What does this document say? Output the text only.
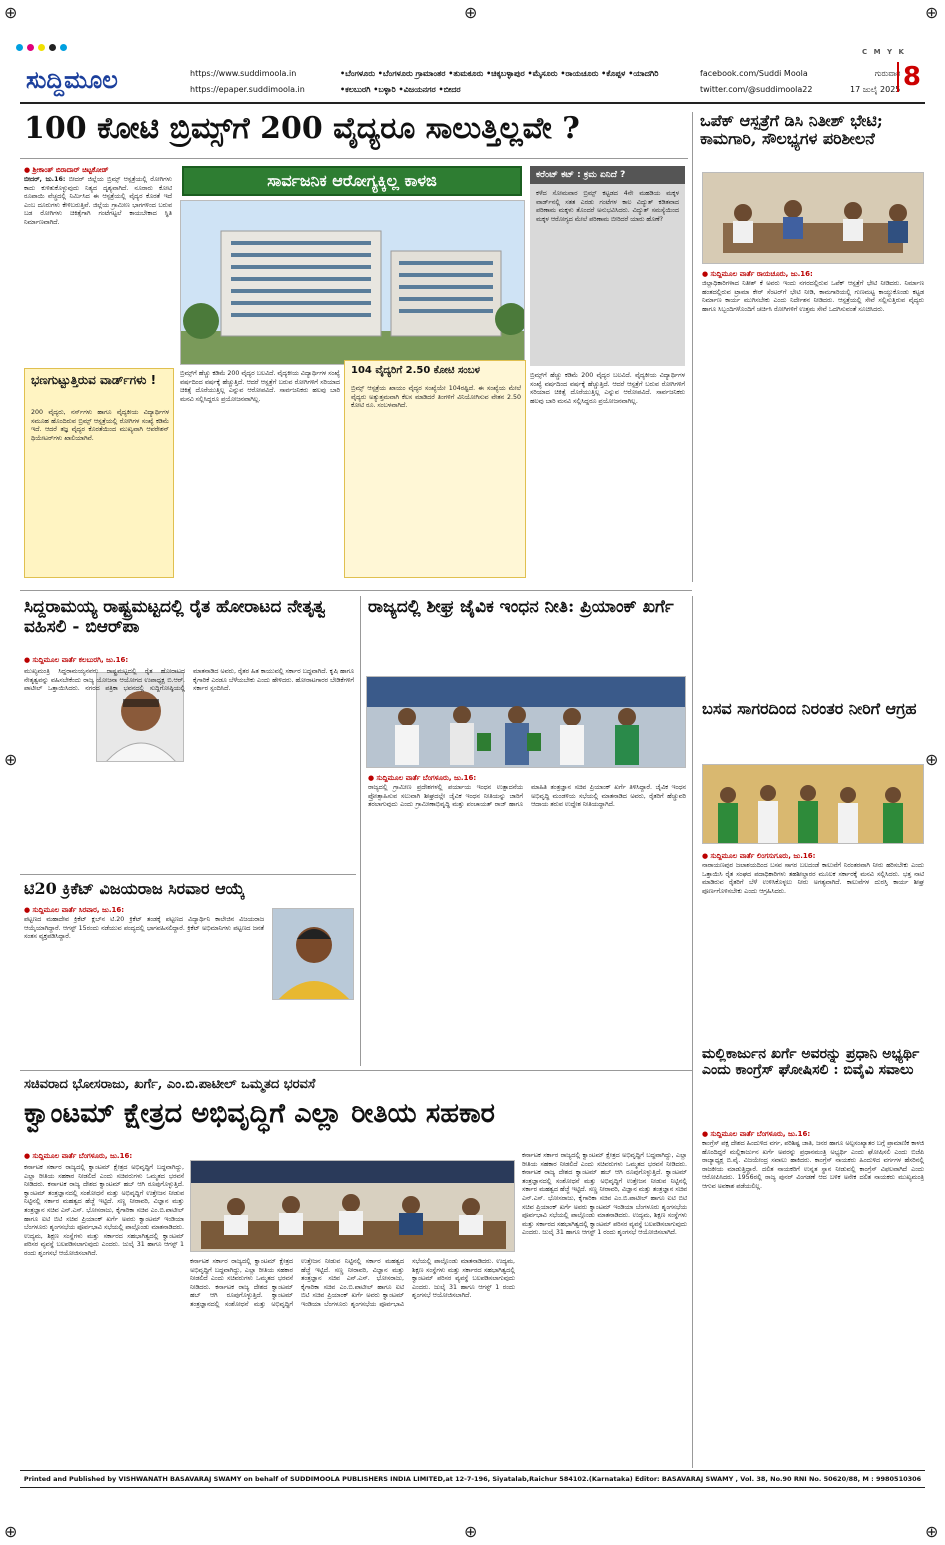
⊕	⊕
⊕	⊕
⊕	⊕
⊕
⊕
C M Y K
ಸುದ್ದಿಮೂಲ	https://www.suddimoola.in
https://epaper.suddimoola.in
•ಬೆಂಗಳೂರು •ಬೆಂಗಳೂರು ಗ್ರಾಮಾಂತರ •ತುಮಕೂರು •ಚಿಕ್ಕಬಳ್ಳಾಪುರ •ಮೈಸೂರು •ರಾಯಚೂರು •ಕೊಪ್ಪಳ •ಯಾದಗಿರಿ •ಕಲಬುರಗಿ •ಬಳ್ಳಾರಿ •ವಿಜಯನಗರ •ಬೀದರ
facebook.com/Suddi Moola
twitter.com/@suddimoola22
ಗುರುವಾರ
17 ಜುಲೈ 2025 8
100 ಕೋಟಿ ಬ್ರಿಮ್ಸ್‌ಗೆ 200 ವೈದ್ಯರೂ ಸಾಲುತ್ತಿಲ್ಲವೇ ?
● ಶ್ರೀಕಾಂತ್ ಬಿರಾದಾರ್ ಚಿಟ್ಟಕೋಡ್
ಬೀದರ್, ಜು.16: ಬೀದರ್ ಜಿಲ್ಲೆಯ ಬ್ರಿಮ್ಸ್ ಆಸ್ಪತ್ರೆಯಲ್ಲಿ ರೋಗಿಗಳು ಕಾದು ಕುಳಿತುಕೊಳ್ಳುವುದು ನಿತ್ಯದ ದೃಶ್ಯವಾಗಿದೆ. ನೂರಾರು ಕೋಟಿ ರೂಪಾಯಿ ವೆಚ್ಚದಲ್ಲಿ ನಿರ್ಮಿಸಿದ ಈ ಆಸ್ಪತ್ರೆಯಲ್ಲಿ ವೈದ್ಯರ ಕೊರತೆ ಇದೆ ಎಂಬ ದೂರುಗಳು ಕೇಳಿಬರುತ್ತಿವೆ. ಜಿಲ್ಲೆಯ ಗ್ರಾಮೀಣ ಭಾಗಗಳಿಂದ ಬರುವ ಬಡ ರೋಗಿಗಳು ಚಿಕಿತ್ಸೆಗಾಗಿ ಗಂಟೆಗಟ್ಟಲೆ ಕಾಯಬೇಕಾದ ಸ್ಥಿತಿ ನಿರ್ಮಾಣವಾಗಿದೆ.
ಸಾರ್ವಜನಿಕ ಆರೋಗ್ಯಕ್ಕಿಲ್ಲ ಕಾಳಜಿ
ಭಣಗುಟ್ಟುತ್ತಿರುವ ವಾರ್ಡ್‌ಗಳು !
200 ವೈದ್ಯರು, ನರ್ಸ್‌ಗಳು ಹಾಗೂ ವೈದ್ಯಕೀಯ ವಿದ್ಯಾರ್ಥಿಗಳ ಸಮೂಹ ಹೊಂದಿರುವ ಬ್ರಿಮ್ಸ್ ಆಸ್ಪತ್ರೆಯಲ್ಲಿ ರೋಗಿಗಳ ಸಂಖ್ಯೆ ಕಡಿಮೆ ಇದೆ. ಆದರೆ ತಜ್ಞ ವೈದ್ಯರ ಕೊರತೆಯಿಂದ ಮುಖ್ಯವಾಗಿ ಆಪರೇಶನ್ ಥಿಯೇಟರ್‌ಗಳು ಖಾಲಿಯಾಗಿವೆ.
ಬ್ರಿಮ್ಸ್‌ಗೆ ಹೆಚ್ಚು ಕಡಿಮೆ 200 ವೈದ್ಯರ ಬಲವಿದೆ. ವೈದ್ಯಕೀಯ ವಿದ್ಯಾರ್ಥಿಗಳ ಸಂಖ್ಯೆ ವರ್ಷದಿಂದ ವರ್ಷಕ್ಕೆ ಹೆಚ್ಚುತ್ತಿದೆ. ಆದರೆ ಆಸ್ಪತ್ರೆಗೆ ಬರುವ ರೋಗಿಗಳಿಗೆ ಸರಿಯಾದ ಚಿಕಿತ್ಸೆ ದೊರೆಯುತ್ತಿಲ್ಲ ಎನ್ನುವ ಆರೋಪವಿದೆ. ಸಾರ್ವಜನಿಕರು ಹಲವು ಬಾರಿ ಮನವಿ ಸಲ್ಲಿಸಿದ್ದರೂ ಪ್ರಯೋಜನವಾಗಿಲ್ಲ.
104 ವೈದ್ಯರಿಗೆ 2.50 ಕೋಟಿ ಸಂಬಳ
ಬ್ರಿಮ್ಸ್ ಆಸ್ಪತ್ರೆಯ ಖಾಯಂ ವೈದ್ಯರ ಸಂಖ್ಯೆಯೇ 104ರಷ್ಟಿದೆ. ಈ ಸಂಖ್ಯೆಯ ಮೇಲೆ ವೈದ್ಯರು ಅತ್ಯುತ್ತಮವಾಗಿ ಕೆಲಸ ಮಾಡಿದರೆ ತಿಂಗಳಿಗೆ ವಿನಿಯೋಗಿಸುವ ವೇತನ 2.50 ಕೋಟಿ ರೂ. ಸಂಬಳವಾಗಿದೆ.
ಕರೆಂಟ್ ಕಟ್ : ಕ್ರಮ ಏನಿದೆ ?
ಕಳೆದ ಸೋಮವಾರ ಬ್ರಿಮ್ಸ್ ಕಟ್ಟಡದ 4ನೇ ಮಹಡಿಯ ಮಕ್ಕಳ ವಾರ್ಡ್‌ನಲ್ಲಿ ಸತತ ಎರಡು ಗಂಟೆಗಳ ಕಾಲ ವಿದ್ಯುತ್ ಕಡಿತವಾದ ಪರಿಣಾಮ ಮಕ್ಕಳು ತೊಂದರೆ ಅನುಭವಿಸಿದರು. ವಿದ್ಯುತ್ ಸಮಸ್ಯೆಯಿಂದ ಮಕ್ಕಳ ಆರೋಗ್ಯದ ಮೇಲೆ ಪರಿಣಾಮ ಬೀರಿದರೆ ಯಾರು ಹೊಣೆ?
ಬ್ರಿಮ್ಸ್‌ಗೆ ಹೆಚ್ಚು ಕಡಿಮೆ 200 ವೈದ್ಯರ ಬಲವಿದೆ. ವೈದ್ಯಕೀಯ ವಿದ್ಯಾರ್ಥಿಗಳ ಸಂಖ್ಯೆ ವರ್ಷದಿಂದ ವರ್ಷಕ್ಕೆ ಹೆಚ್ಚುತ್ತಿದೆ. ಆದರೆ ಆಸ್ಪತ್ರೆಗೆ ಬರುವ ರೋಗಿಗಳಿಗೆ ಸರಿಯಾದ ಚಿಕಿತ್ಸೆ ದೊರೆಯುತ್ತಿಲ್ಲ ಎನ್ನುವ ಆರೋಪವಿದೆ. ಸಾರ್ವಜನಿಕರು ಹಲವು ಬಾರಿ ಮನವಿ ಸಲ್ಲಿಸಿದ್ದರೂ ಪ್ರಯೋಜನವಾಗಿಲ್ಲ.
ಒಪೆಕ್ ಆಸ್ಪತ್ರೆಗೆ ಡಿಸಿ ನಿತೀಶ್ ಭೇಟಿ; ಕಾಮಗಾರಿ, ಸೌಲಭ್ಯಗಳ ಪರಿಶೀಲನೆ
● ಸುದ್ದಿಮೂಲ ವಾರ್ತೆ ರಾಯಚೂರು, ಜು.16:
ಜಿಲ್ಲಾಧಿಕಾರಿಗಳಾದ ನಿತೀಶ್ ಕೆ ಅವರು ಇಂದು ನಗರದಲ್ಲಿರುವ ಒಪೆಕ್ ಆಸ್ಪತ್ರೆಗೆ ಭೇಟಿ ನೀಡಿದರು. ನಿರ್ಮಾಣ ಹಂತದಲ್ಲಿರುವ ಟ್ರಾಮಾ ಕೇರ್ ಸೆಂಟರ್‌ಗೆ ಭೇಟಿ ನೀಡಿ, ಕಾಮಗಾರಿಯಲ್ಲಿ ಗುಣಮಟ್ಟ ಕಾಯ್ದುಕೊಂಡು ಕಟ್ಟಡ ನಿರ್ಮಾಣ ಕಾರ್ಯ ಮುಗಿಸಬೇಕು ಎಂದು ನಿರ್ದೇಶನ ನೀಡಿದರು. ಆಸ್ಪತ್ರೆಯಲ್ಲಿ ಸೇವೆ ಸಲ್ಲಿಸುತ್ತಿರುವ ವೈದ್ಯರು ಹಾಗೂ ಸಿಬ್ಬಂದಿಗಳೊಂದಿಗೆ ಚರ್ಚಿಸಿ ರೋಗಿಗಳಿಗೆ ಉತ್ತಮ ಸೇವೆ ಒದಗಿಸುವಂತೆ ಸೂಚಿಸಿದರು.
ಸಿದ್ದರಾಮಯ್ಯ ರಾಷ್ಟ್ರಮಟ್ಟದಲ್ಲಿ ರೈತ ಹೋರಾಟದ ನೇತೃತ್ವ ವಹಿಸಲಿ - ಬಿಆರ್‌ಪಾ
● ಸುದ್ದಿಮೂಲ ವಾರ್ತೆ ಕಲಬುರಗಿ, ಜು.16:
ಮುಖ್ಯಮಂತ್ರಿ ಸಿದ್ದರಾಮಯ್ಯನವರು ರಾಷ್ಟ್ರಮಟ್ಟದಲ್ಲಿ ರೈತ ಹೋರಾಟದ ನೇತೃತ್ವವನ್ನು ವಹಿಸಬೇಕೆಂದು ರಾಜ್ಯ ಯೋಜನಾ ಆಯೋಗದ ಉಪಾಧ್ಯಕ್ಷ ಬಿ.ಆರ್. ಪಾಟೀಲ್ ಒತ್ತಾಯಿಸಿದರು. ನಗರದ ಪತ್ರಿಕಾ ಭವನದಲ್ಲಿ ಸುದ್ದಿಗೋಷ್ಠಿಯಲ್ಲಿ ಮಾತನಾಡಿದ ಅವರು, ರೈತರ ಹಿತ ಕಾಯುವಲ್ಲಿ ಸರ್ಕಾರ ಬದ್ಧವಾಗಿದೆ. ಕೃಷಿ ಹಾಗೂ ಕೈಗಾರಿಕೆ ಎರಡೂ ಬೆಳೆಯಬೇಕು ಎಂದು ಹೇಳಿದರು. ಹೋರಾಟಗಾರರ ಬೇಡಿಕೆಗಳಿಗೆ ಸರ್ಕಾರ ಸ್ಪಂದಿಸಿದೆ.
ಟಿ20 ಕ್ರಿಕೆಟ್ ವಿಜಯರಾಜ ಸಿರವಾರ ಆಯ್ಕೆ
● ಸುದ್ದಿಮೂಲ ವಾರ್ತೆ ಸಿರವಾರ, ಜು.16:
ಪಟ್ಟಣದ ಮಹಾದೇವ ಕ್ರಿಕೆಟ್ ಕ್ಲಬ್‌ನ ಟಿ.20 ಕ್ರಿಕೆಟ್ ತಂಡಕ್ಕೆ ಪಟ್ಟಣದ ವಿದ್ಯಾರ್ಥಿನಿ ಕಾಲೇಜಿನ ವಿಜಯರಾಜ ಆಯ್ಕೆಯಾಗಿದ್ದಾರೆ. ಆಗಸ್ಟ್ 15ರಂದು ನಡೆಯುವ ಪಂದ್ಯದಲ್ಲಿ ಭಾಗವಹಿಸಲಿದ್ದಾರೆ. ಕ್ರಿಕೆಟ್ ಅಭಿಮಾನಿಗಳು ಪಟ್ಟಣದ ಜನತೆ ಸಂತಸ ವ್ಯಕ್ತಪಡಿಸಿದ್ದಾರೆ.
ರಾಜ್ಯದಲ್ಲಿ ಶೀಘ್ರ ಜೈವಿಕ ಇಂಧನ ನೀತಿ: ಪ್ರಿಯಾಂಕ್ ಖರ್ಗೆ
● ಸುದ್ದಿಮೂಲ ವಾರ್ತೆ ಬೆಂಗಳೂರು, ಜು.16:
ರಾಜ್ಯದಲ್ಲಿ ಗ್ರಾಮೀಣ ಪ್ರದೇಶಗಳಲ್ಲಿ ಪರ್ಯಾಯ ಇಂಧನ ಉತ್ಪಾದನೆಯ ಪ್ರೋತ್ಸಾಹಿಸುವ ಸಲುವಾಗಿ ಶೀಘ್ರದಲ್ಲೇ ಜೈವಿಕ ಇಂಧನ ನೀತಿಯನ್ನು ಜಾರಿಗೆ ತರಲಾಗುವುದು ಎಂದು ಗ್ರಾಮೀಣಾಭಿವೃದ್ಧಿ ಮತ್ತು ಪಂಚಾಯತ್ ರಾಜ್ ಹಾಗೂ ಮಾಹಿತಿ ತಂತ್ರಜ್ಞಾನ ಸಚಿವ ಪ್ರಿಯಾಂಕ್ ಖರ್ಗೆ ತಿಳಿಸಿದ್ದಾರೆ. ಜೈವಿಕ ಇಂಧನ ಅಭಿವೃದ್ಧಿ ಮಂಡಳಿಯ ಸಭೆಯಲ್ಲಿ ಮಾತನಾಡಿದ ಅವರು, ರೈತರಿಗೆ ಹೆಚ್ಚುವರಿ ಆದಾಯ ತರುವ ಉದ್ದೇಶ ನೀತಿಯದ್ದಾಗಿದೆ.
ಬಸವ ಸಾಗರದಿಂದ ನಿರಂತರ ನೀರಿಗೆ ಆಗ್ರಹ
● ಸುದ್ದಿಮೂಲ ವಾರ್ತೆ ಲಿಂಗಸುಗೂರು, ಜು.16:
ನಾರಾಯಣಪುರ ಜಲಾಶಯದಿಂದ ಬಸವ ಸಾಗರ ಬಲದಂಡೆ ಕಾಲುವೆಗೆ ನಿರಂತರವಾಗಿ ನೀರು ಹರಿಸಬೇಕು ಎಂದು ಒತ್ತಾಯಿಸಿ ರೈತ ಸಂಘದ ಪದಾಧಿಕಾರಿಗಳು ತಹಶೀಲ್ದಾರರ ಮೂಲಕ ಸರ್ಕಾರಕ್ಕೆ ಮನವಿ ಸಲ್ಲಿಸಿದರು. ಭತ್ತ ನಾಟಿ ಮಾಡಿರುವ ರೈತರಿಗೆ ಬೆಳೆ ಉಳಿಸಿಕೊಳ್ಳಲು ನೀರು ಅಗತ್ಯವಾಗಿದೆ. ಕಾಲುವೆಗಳ ದುರಸ್ತಿ ಕಾರ್ಯ ಶೀಘ್ರ ಪೂರ್ಣಗೊಳಿಸಬೇಕು ಎಂದು ಆಗ್ರಹಿಸಿದರು.
ಮಲ್ಲಿಕಾರ್ಜುನ ಖರ್ಗೆ ಅವರನ್ನು ಪ್ರಧಾನಿ ಅಭ್ಯರ್ಥಿ ಎಂದು ಕಾಂಗ್ರೆಸ್ ಘೋಷಿಸಲಿ : ಬಿವೈವಿ ಸವಾಲು
● ಸುದ್ದಿಮೂಲ ವಾರ್ತೆ ಬೆಂಗಳೂರು, ಜು.16:
ಕಾಂಗ್ರೆಸ್ ಪಕ್ಷ ದೇಶದ ಹಿಂದುಳಿದ ವರ್ಗ, ಪರಿಶಿಷ್ಟ ಜಾತಿ, ಜನರ ಹಾಗೂ ಅಲ್ಪಸಂಖ್ಯಾತರ ಬಗ್ಗೆ ಪ್ರಾಮಾಣಿಕ ಕಾಳಜಿ ಹೊಂದಿದ್ದರೆ ಮಲ್ಲಿಕಾರ್ಜುನ ಖರ್ಗೆ ಅವರನ್ನು ಪ್ರಧಾನಮಂತ್ರಿ ಅಭ್ಯರ್ಥಿ ಎಂದು ಘೋಷಿಸಲಿ ಎಂದು ಬಿಜೆಪಿ ರಾಜ್ಯಾಧ್ಯಕ್ಷ ಬಿ.ವೈ. ವಿಜಯೇಂದ್ರ ಸವಾಲು ಹಾಕಿದರು. ಕಾಂಗ್ರೆಸ್ ನಾಯಕರು ಹಿಂದುಳಿದ ವರ್ಗಗಳ ಹೆಸರಿನಲ್ಲಿ ರಾಜಕೀಯ ಮಾಡುತ್ತಿದ್ದಾರೆ. ದಲಿತ ನಾಯಕರಿಗೆ ಉನ್ನತ ಸ್ಥಾನ ನೀಡುವಲ್ಲಿ ಕಾಂಗ್ರೆಸ್ ವಿಫಲವಾಗಿದೆ ಎಂದು ಆರೋಪಿಸಿದರು. 1956ರಲ್ಲಿ ರಾಜ್ಯ ಪುನರ್ ವಿಂಗಡಣೆ ಆದ ಬಳಿಕ ಅನೇಕ ದಲಿತ ನಾಯಕರು ಮುಖ್ಯಮಂತ್ರಿ ಆಗುವ ಅವಕಾಶ ಪಡೆಯಲಿಲ್ಲ.
ಸಚಿವರಾದ ಭೋಸರಾಜು, ಖರ್ಗೆ, ಎಂ.ಬಿ.ಪಾಟೀಲ್ ಒಮ್ಮತದ ಭರವಸೆ
ಕ್ವಾಂಟಮ್ ಕ್ಷೇತ್ರದ ಅಭಿವೃದ್ಧಿಗೆ ಎಲ್ಲಾ ರೀತಿಯ ಸಹಕಾರ
● ಸುದ್ದಿಮೂಲ ವಾರ್ತೆ ಬೆಂಗಳೂರು, ಜು.16:
ಕರ್ನಾಟಕ ಸರ್ಕಾರ ರಾಜ್ಯದಲ್ಲಿ ಕ್ವಾಂಟಮ್ ಕ್ಷೇತ್ರದ ಅಭಿವೃದ್ಧಿಗೆ ಬದ್ಧವಾಗಿದ್ದು, ಎಲ್ಲಾ ರೀತಿಯ ಸಹಕಾರ ನೀಡಲಿದೆ ಎಂದು ಸಚಿವರುಗಳು ಒಮ್ಮತದ ಭರವಸೆ ನೀಡಿದರು. ಕರ್ನಾಟಕ ರಾಜ್ಯ ದೇಶದ ಕ್ವಾಂಟಮ್ ಹಬ್ ಆಗಿ ರೂಪುಗೊಳ್ಳುತ್ತಿದೆ. ಕ್ವಾಂಟಮ್ ತಂತ್ರಜ್ಞಾನದಲ್ಲಿ ಸಂಶೋಧನೆ ಮತ್ತು ಅಭಿವೃದ್ಧಿಗೆ ಉತ್ತೇಜನ ನೀಡುವ ನಿಟ್ಟಿನಲ್ಲಿ ಸರ್ಕಾರ ಮಹತ್ವದ ಹೆಜ್ಜೆ ಇಟ್ಟಿದೆ. ಸಣ್ಣ ನೀರಾವರಿ, ವಿಜ್ಞಾನ ಮತ್ತು ತಂತ್ರಜ್ಞಾನ ಸಚಿವ ಎನ್.ಎಸ್. ಭೋಸರಾಜು, ಕೈಗಾರಿಕಾ ಸಚಿವ ಎಂ.ಬಿ.ಪಾಟೀಲ್ ಹಾಗೂ ಐಟಿ ಬಿಟಿ ಸಚಿವ ಪ್ರಿಯಾಂಕ್ ಖರ್ಗೆ ಅವರು ಕ್ವಾಂಟಮ್ ಇಂಡಿಯಾ ಬೆಂಗಳೂರು ಶೃಂಗಸಭೆಯ ಪೂರ್ವಭಾವಿ ಸಭೆಯಲ್ಲಿ ಪಾಲ್ಗೊಂಡು ಮಾತನಾಡಿದರು. ಉದ್ಯಮ, ಶಿಕ್ಷಣ ಸಂಸ್ಥೆಗಳು ಮತ್ತು ಸರ್ಕಾರದ ಸಹಭಾಗಿತ್ವದಲ್ಲಿ ಕ್ವಾಂಟಮ್ ಪರಿಸರ ವ್ಯವಸ್ಥೆ ಬಲಪಡಿಸಲಾಗುವುದು ಎಂದರು. ಜುಲೈ 31 ಹಾಗೂ ಆಗಸ್ಟ್ 1 ರಂದು ಶೃಂಗಸಭೆ ಆಯೋಜಿಸಲಾಗಿದೆ.
ಕರ್ನಾಟಕ ಸರ್ಕಾರ ರಾಜ್ಯದಲ್ಲಿ ಕ್ವಾಂಟಮ್ ಕ್ಷೇತ್ರದ ಅಭಿವೃದ್ಧಿಗೆ ಬದ್ಧವಾಗಿದ್ದು, ಎಲ್ಲಾ ರೀತಿಯ ಸಹಕಾರ ನೀಡಲಿದೆ ಎಂದು ಸಚಿವರುಗಳು ಒಮ್ಮತದ ಭರವಸೆ ನೀಡಿದರು. ಕರ್ನಾಟಕ ರಾಜ್ಯ ದೇಶದ ಕ್ವಾಂಟಮ್ ಹಬ್ ಆಗಿ ರೂಪುಗೊಳ್ಳುತ್ತಿದೆ. ಕ್ವಾಂಟಮ್ ತಂತ್ರಜ್ಞಾನದಲ್ಲಿ ಸಂಶೋಧನೆ ಮತ್ತು ಅಭಿವೃದ್ಧಿಗೆ ಉತ್ತೇಜನ ನೀಡುವ ನಿಟ್ಟಿನಲ್ಲಿ ಸರ್ಕಾರ ಮಹತ್ವದ ಹೆಜ್ಜೆ ಇಟ್ಟಿದೆ. ಸಣ್ಣ ನೀರಾವರಿ, ವಿಜ್ಞಾನ ಮತ್ತು ತಂತ್ರಜ್ಞಾನ ಸಚಿವ ಎನ್.ಎಸ್. ಭೋಸರಾಜು, ಕೈಗಾರಿಕಾ ಸಚಿವ ಎಂ.ಬಿ.ಪಾಟೀಲ್ ಹಾಗೂ ಐಟಿ ಬಿಟಿ ಸಚಿವ ಪ್ರಿಯಾಂಕ್ ಖರ್ಗೆ ಅವರು ಕ್ವಾಂಟಮ್ ಇಂಡಿಯಾ ಬೆಂಗಳೂರು ಶೃಂಗಸಭೆಯ ಪೂರ್ವಭಾವಿ ಸಭೆಯಲ್ಲಿ ಪಾಲ್ಗೊಂಡು ಮಾತನಾಡಿದರು. ಉದ್ಯಮ, ಶಿಕ್ಷಣ ಸಂಸ್ಥೆಗಳು ಮತ್ತು ಸರ್ಕಾರದ ಸಹಭಾಗಿತ್ವದಲ್ಲಿ ಕ್ವಾಂಟಮ್ ಪರಿಸರ ವ್ಯವಸ್ಥೆ ಬಲಪಡಿಸಲಾಗುವುದು ಎಂದರು. ಜುಲೈ 31 ಹಾಗೂ ಆಗಸ್ಟ್ 1 ರಂದು ಶೃಂಗಸಭೆ ಆಯೋಜಿಸಲಾಗಿದೆ.
ಕರ್ನಾಟಕ ಸರ್ಕಾರ ರಾಜ್ಯದಲ್ಲಿ ಕ್ವಾಂಟಮ್ ಕ್ಷೇತ್ರದ ಅಭಿವೃದ್ಧಿಗೆ ಬದ್ಧವಾಗಿದ್ದು, ಎಲ್ಲಾ ರೀತಿಯ ಸಹಕಾರ ನೀಡಲಿದೆ ಎಂದು ಸಚಿವರುಗಳು ಒಮ್ಮತದ ಭರವಸೆ ನೀಡಿದರು. ಕರ್ನಾಟಕ ರಾಜ್ಯ ದೇಶದ ಕ್ವಾಂಟಮ್ ಹಬ್ ಆಗಿ ರೂಪುಗೊಳ್ಳುತ್ತಿದೆ. ಕ್ವಾಂಟಮ್ ತಂತ್ರಜ್ಞಾನದಲ್ಲಿ ಸಂಶೋಧನೆ ಮತ್ತು ಅಭಿವೃದ್ಧಿಗೆ ಉತ್ತೇಜನ ನೀಡುವ ನಿಟ್ಟಿನಲ್ಲಿ ಸರ್ಕಾರ ಮಹತ್ವದ ಹೆಜ್ಜೆ ಇಟ್ಟಿದೆ. ಸಣ್ಣ ನೀರಾವರಿ, ವಿಜ್ಞಾನ ಮತ್ತು ತಂತ್ರಜ್ಞಾನ ಸಚಿವ ಎನ್.ಎಸ್. ಭೋಸರಾಜು, ಕೈಗಾರಿಕಾ ಸಚಿವ ಎಂ.ಬಿ.ಪಾಟೀಲ್ ಹಾಗೂ ಐಟಿ ಬಿಟಿ ಸಚಿವ ಪ್ರಿಯಾಂಕ್ ಖರ್ಗೆ ಅವರು ಕ್ವಾಂಟಮ್ ಇಂಡಿಯಾ ಬೆಂಗಳೂರು ಶೃಂಗಸಭೆಯ ಪೂರ್ವಭಾವಿ ಸಭೆಯಲ್ಲಿ ಪಾಲ್ಗೊಂಡು ಮಾತನಾಡಿದರು. ಉದ್ಯಮ, ಶಿಕ್ಷಣ ಸಂಸ್ಥೆಗಳು ಮತ್ತು ಸರ್ಕಾರದ ಸಹಭಾಗಿತ್ವದಲ್ಲಿ ಕ್ವಾಂಟಮ್ ಪರಿಸರ ವ್ಯವಸ್ಥೆ ಬಲಪಡಿಸಲಾಗುವುದು ಎಂದರು. ಜುಲೈ 31 ಹಾಗೂ ಆಗಸ್ಟ್ 1 ರಂದು ಶೃಂಗಸಭೆ ಆಯೋಜಿಸಲಾಗಿದೆ.
Printed and Published by VISHWANATH BASAVARAJ SWAMY on behalf of SUDDIMOOLA PUBLISHERS INDIA LIMITED,at 12-7-196, Siyatalab,Raichur 584102.(Karnataka) Editor: BASAVARAJ SWAMY , Vol. 38, No.90 RNI No. 50620/88, M : 9980510306
